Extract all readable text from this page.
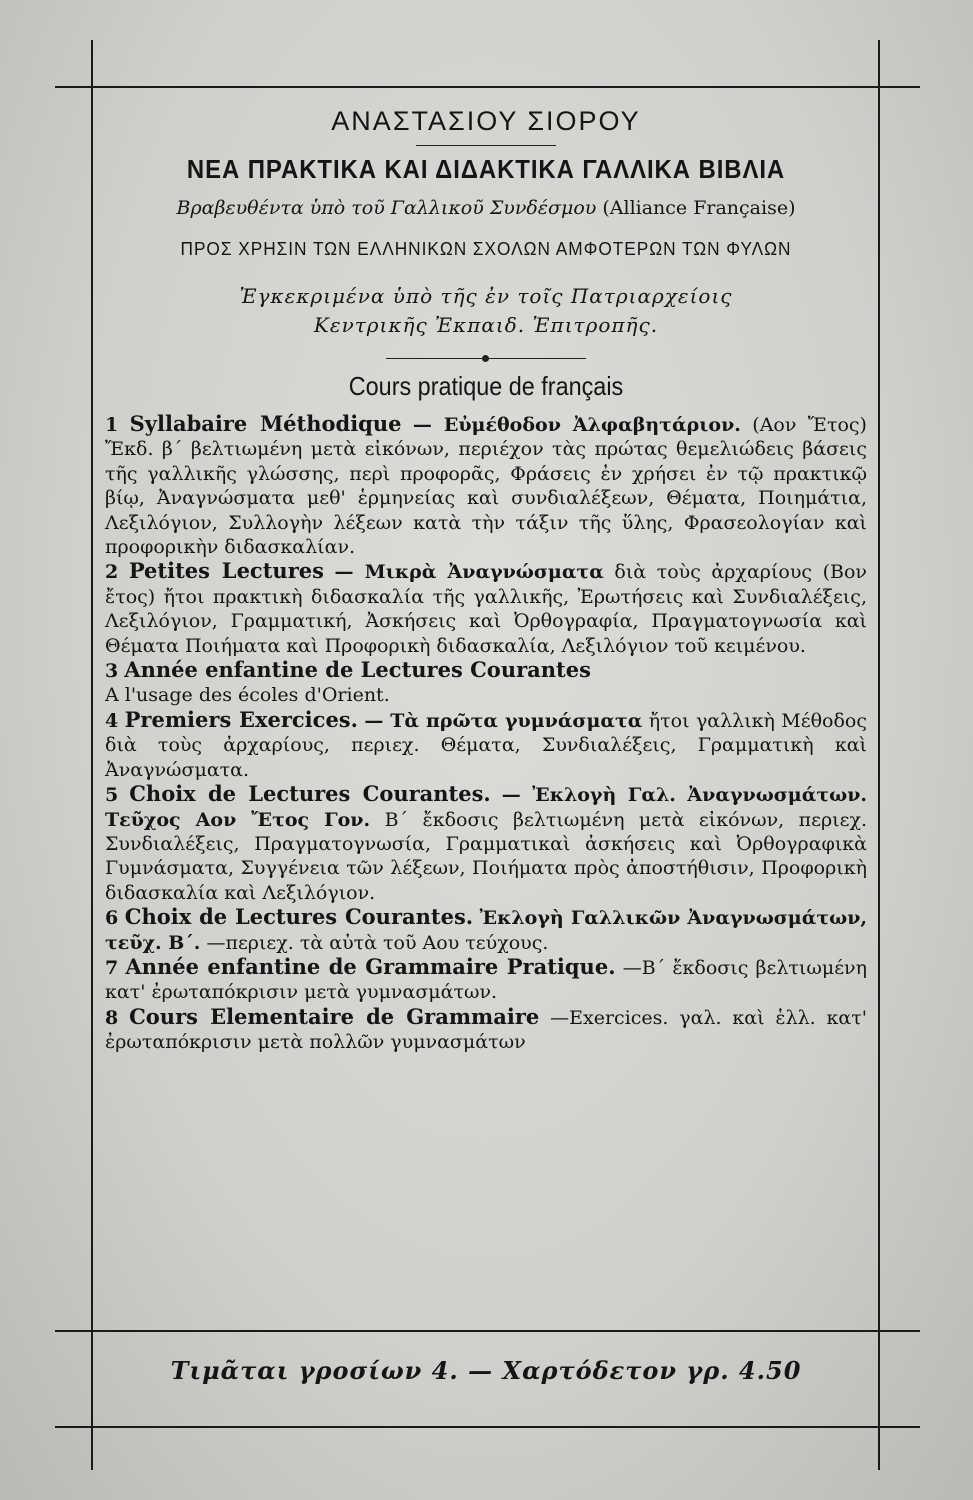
ΑΝΑΣΤΑΣΙΟΥ ΣΙΟΡΟΥ
ΝΕΑ ΠΡΑΚΤΙΚΑ ΚΑΙ ΔΙΔΑΚΤΙΚΑ ΓΑΛΛΙΚΑ ΒΙΒΛΙΑ
Βραβευθέντα ὑπὸ τοῦ Γαλλικοῦ Συνδέσμου (Alliance Française)
ΠΡΟΣ ΧΡΗΣΙΝ ΤΩΝ ΕΛΛΗΝΙΚΩΝ ΣΧΟΛΩΝ ΑΜΦΟΤΕΡΩΝ ΤΩΝ ΦΥΛΩΝ
Ἐγκεκριμένα ὑπὸ τῆς ἐν τοῖς Πατριαρχείοις
Κεντρικῆς Ἐκπαιδ. Ἐπιτροπῆς.
Cours pratique de français

1 Syllabaire Méthodique — Εὐμέθοδον Ἀλφαβητάριον. (Αον Ἔτος) Ἔκδ. β΄ βελτιωμένη μετὰ εἰκόνων, περιέχον τὰς πρώτας θεμελιώδεις βάσεις τῆς γαλλικῆς γλώσσης, περὶ προφορᾶς, Φράσεις ἐν χρήσει ἐν τῷ πρακτικῷ βίῳ, Ἀναγνώσματα μεθ' ἑρμηνείας καὶ συνδιαλέξεων, Θέματα, Ποιημάτια, Λεξιλόγιον, Συλλογὴν λέξεων κατὰ τὴν τάξιν τῆς ὕλης, Φρασεολογίαν καὶ προφορικὴν διδασκαλίαν.

2 Petites Lectures — Μικρὰ Ἀναγνώσματα διὰ τοὺς ἀρχαρίους (Βον ἔτος) ἤτοι πρακτικὴ διδασκαλία τῆς γαλλικῆς, Ἐρωτήσεις καὶ Συνδιαλέξεις, Λεξιλόγιον, Γραμματική, Ἀσκήσεις καὶ Ὀρθογραφία, Πραγματογνωσία καὶ Θέματα Ποιήματα καὶ Προφορικὴ διδασκαλία, Λεξιλόγιον τοῦ κειμένου.

3 Année enfantine de Lectures Courantes
A l'usage des écoles d'Orient.

4 Premiers Exercices. — Τὰ πρῶτα γυμνάσματα ἤτοι γαλλικὴ Μέθοδος διὰ τοὺς ἀρχαρίους, περιεχ. Θέματα, Συνδιαλέξεις, Γραμματικὴ καὶ Ἀναγνώσματα.

5 Choix de Lectures Courantes. — Ἐκλογὴ Γαλ. Ἀναγνωσμάτων. Τεῦχος Αον Ἔτος Γον. Β΄ ἔκδοσις βελτιωμένη μετὰ εἰκόνων, περιεχ. Συνδιαλέξεις, Πραγματογνωσία, Γραμματικαὶ ἀσκήσεις καὶ Ὀρθογραφικὰ Γυμνάσματα, Συγγένεια τῶν λέξεων, Ποιήματα πρὸς ἀποστήθισιν, Προφορικὴ διδασκαλία καὶ Λεξιλόγιον.

6 Choix de Lectures Courantes. Ἐκλογὴ Γαλλικῶν Ἀναγνωσμάτων, τεῦχ. Β΄. —περιεχ. τὰ αὐτὰ τοῦ Αου τεύχους.

7 Année enfantine de Grammaire Pratique. —Β΄ ἔκδοσις βελτιωμένη κατ' ἐρωταπόκρισιν μετὰ γυμνασμάτων.

8 Cours Elementaire de Grammaire —Exercices. γαλ. καὶ ἑλλ. κατ' ἐρωταπόκρισιν μετὰ πολλῶν γυμνασμάτων

Τιμᾶται γροσίων 4. — Χαρτόδετον γρ. 4.50
